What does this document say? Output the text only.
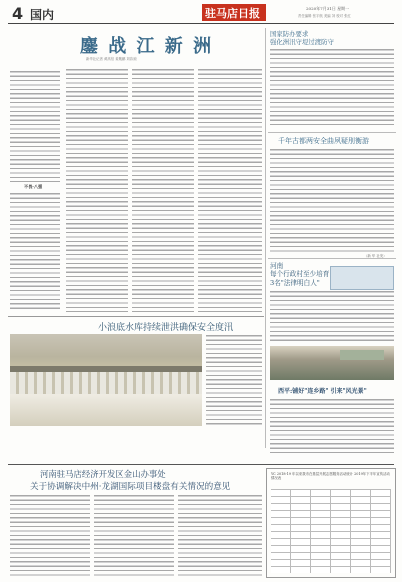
4 国内	驻马店日报	2020年7月31日 星期一
责任编辑 张宇航 美编 刘 校对 张红
鏖 战 江 新 洲
新华社记者 黄高信 姜胤鹏 刘彩琼
不畏·八强
国家防办要求
强化洲汛守堤过渡防守
千年古都两安全曲夙疑刖衡游
（新 华 社发）
河南
每个行政村至少培育
3名"法律明白人"
西平:铺好"连乡路" 引来"风光景"
小浪底水库持续泄洪确保安全度汛
河南驻马店经济开发区金山办事处
关于协调解决中州·龙湖国际项目楼盘有关情况的意见
YC 2018-19 年以来我市在基层开展志愿服务活动统计 2019年下半年宣传活动情况表
